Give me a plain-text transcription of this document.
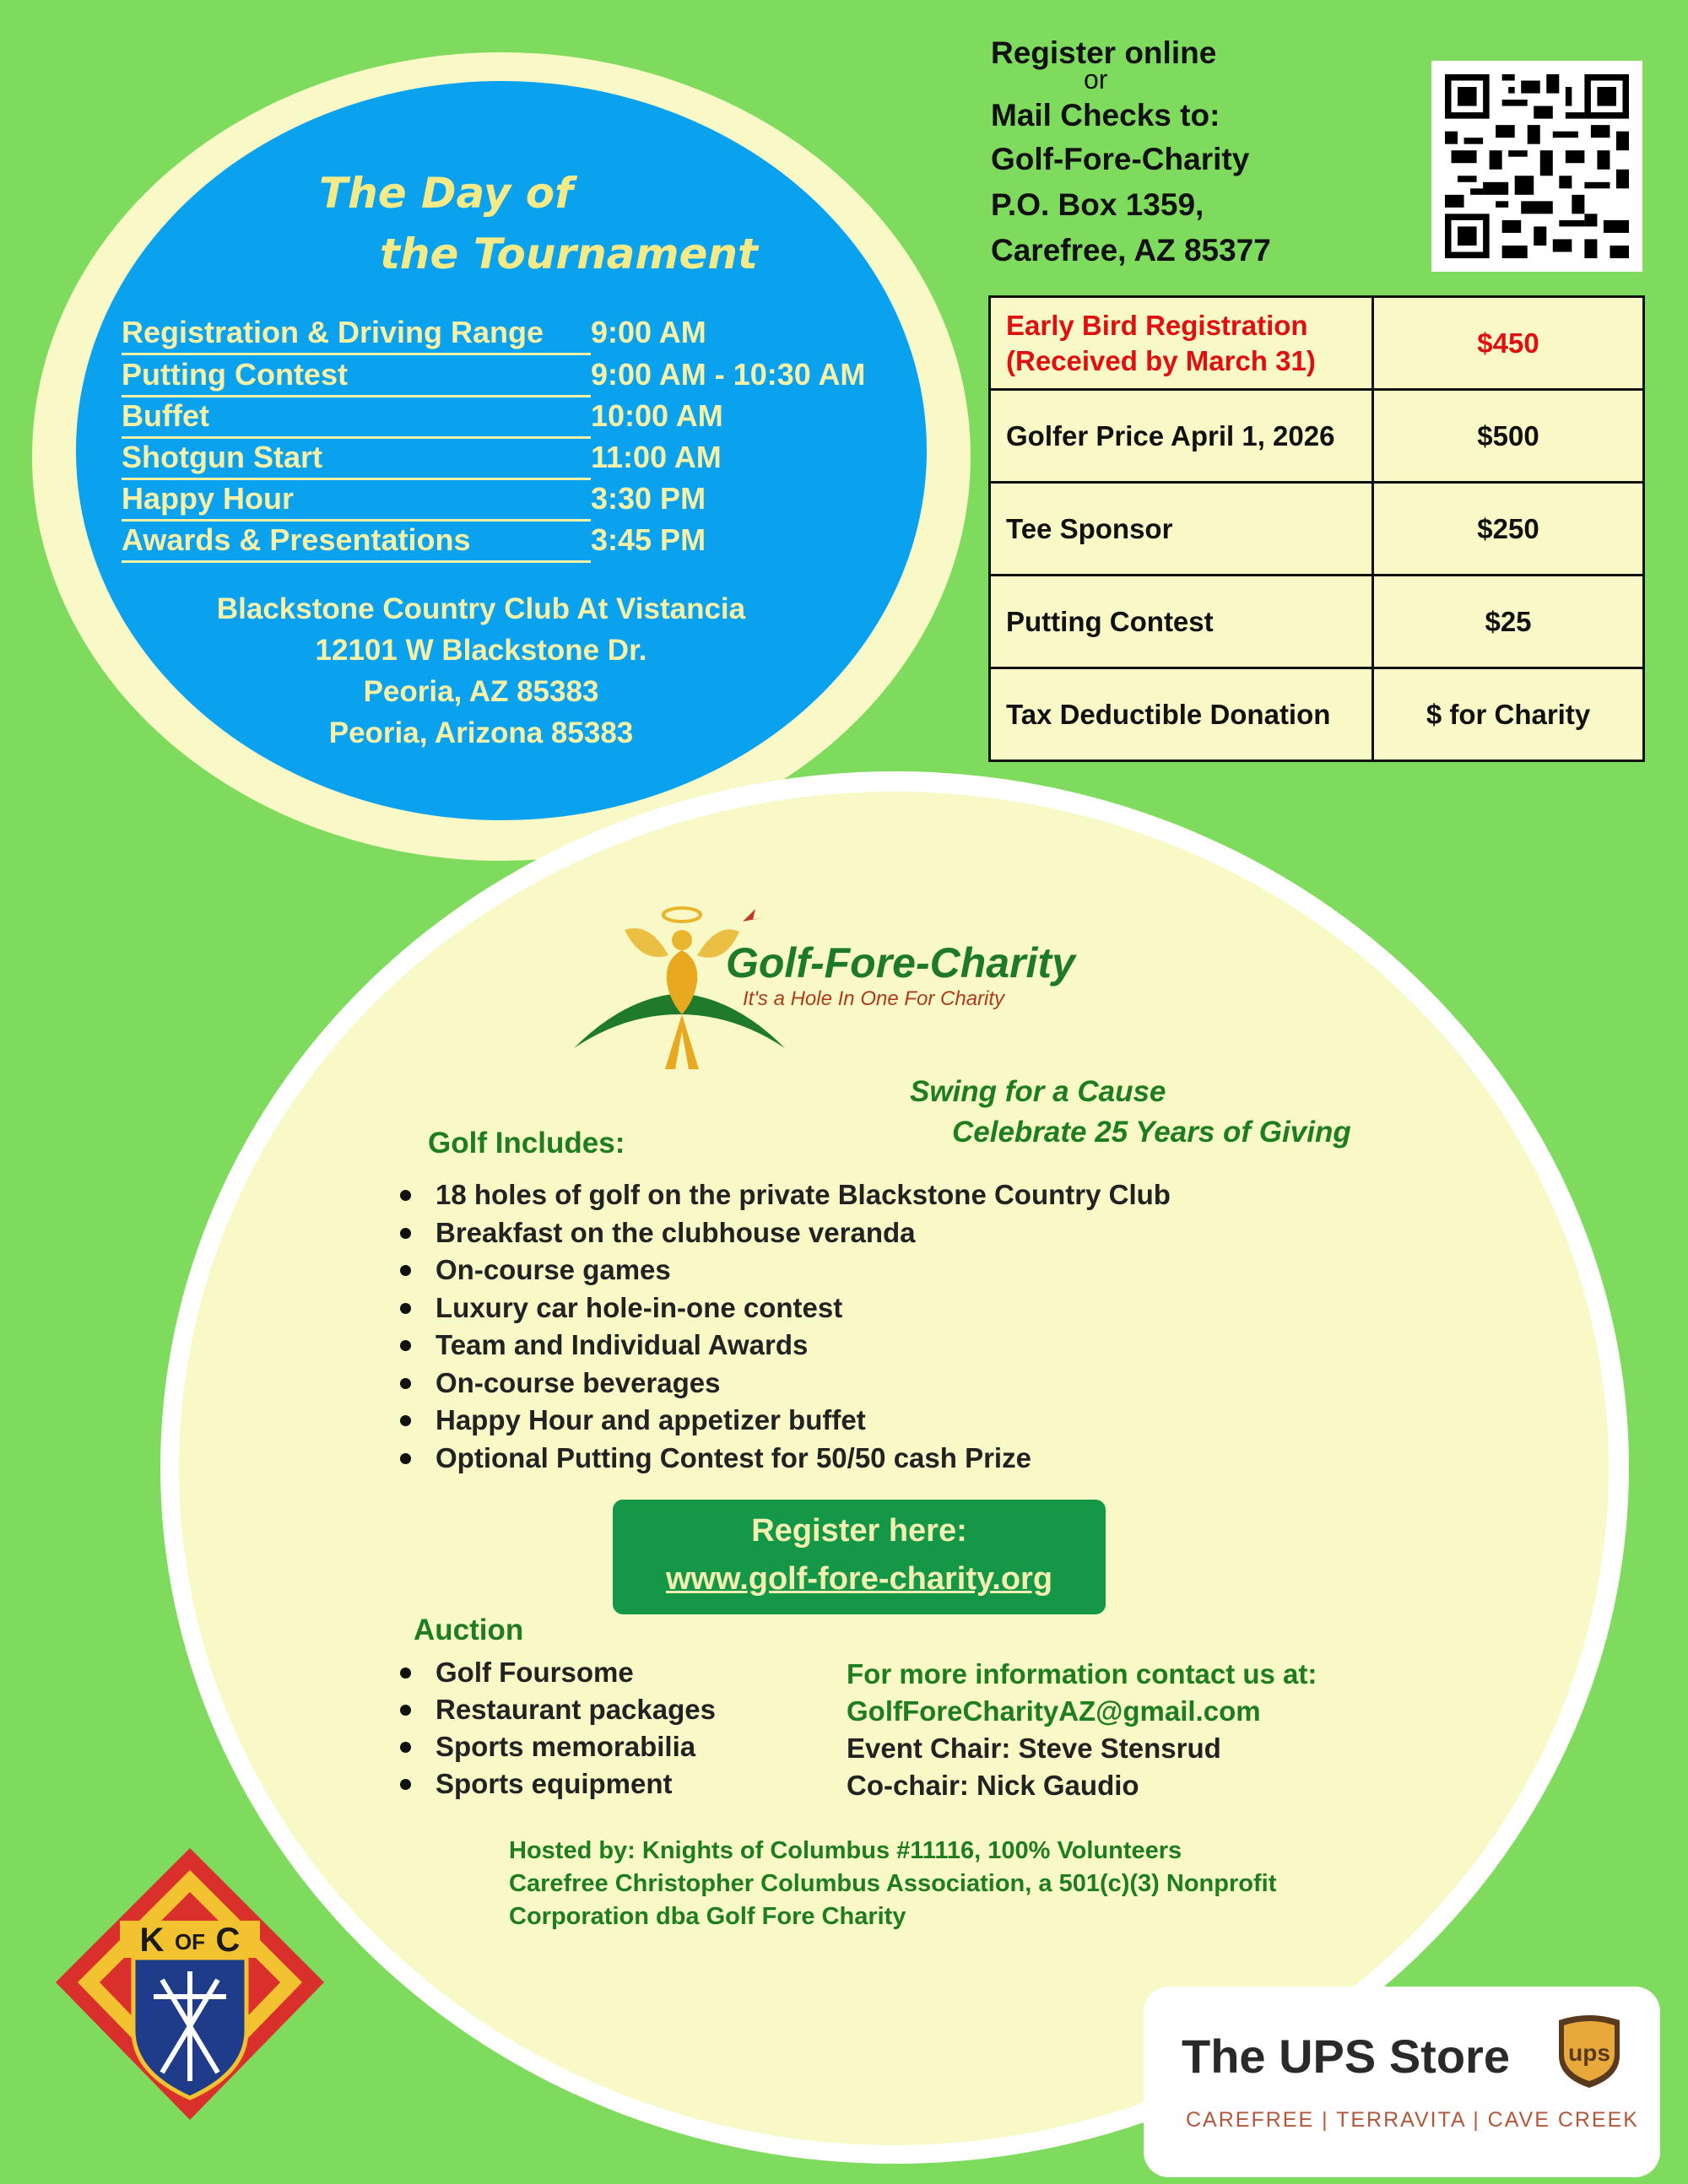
The Day of
the Tournament
Registration & Driving Range 9:00 AM
Putting Contest	9:00 AM - 10:30 AM
Buffet	10:00 AM
Shotgun Start	11:00 AM
Happy Hour	3:30 PM
Awards & Presentations	3:45 PM
Blackstone Country Club At Vistancia
12101 W Blackstone Dr.
Peoria, AZ 85383
Peoria, Arizona 85383
Register online
or
Mail Checks to:
Golf-Fore-Charity
P.O. Box 1359,
Carefree, AZ 85377
Early Bird Registration
(Received by March 31)	$450
Golfer Price April 1, 2026	$500
Tee Sponsor	$250
Putting Contest	$25
Tax Deductible Donation	$ for Charity
Golf-Fore-Charity
It's a Hole In One For Charity
Swing for a Cause
Celebrate 25 Years of Giving
Golf Includes:
18 holes of golf on the private Blackstone Country Club
Breakfast on the clubhouse veranda
On-course games
Luxury car hole-in-one contest
Team and Individual Awards
On-course beverages
Happy Hour and appetizer buffet
Optional Putting Contest for 50/50 cash Prize
Register here:
www.golf-fore-charity.org
Auction
Golf Foursome
Restaurant packages
Sports memorabilia
Sports equipment
For more information contact us at:
GolfForeCharityAZ@gmail.com
Event Chair: Steve Stensrud
Co-chair: Nick Gaudio
Hosted by: Knights of Columbus #11116, 100% Volunteers
Carefree Christopher Columbus Association, a 501(c)(3) Nonprofit
Corporation dba Golf Fore Charity
K OF C
The UPS Store ups
CAREFREE | TERRAVITA | CAVE CREEK
